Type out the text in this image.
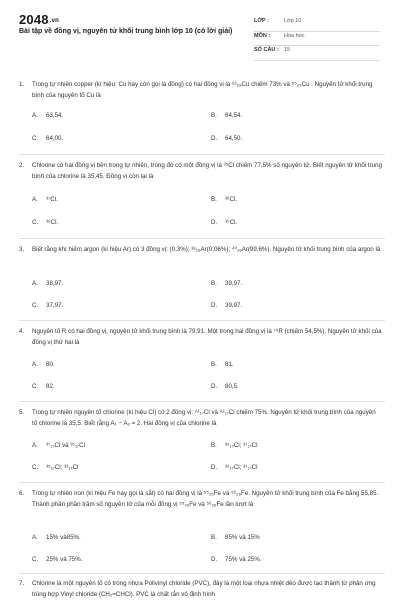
2048.vn
Bài tập về đồng vị, nguyên tử khối trung bình lớp 10 (có lời giải)
LỚP :	Lớp 10
MÔN :	Hóa học
SỐ CÂU : 15
1. Trong tự nhiên copper (kí hiệu: Cu hay còn gọi là đồng) có hai đồng vị là ⁶³₂₉Cu chiếm 73% và ⁶⁵₂₉Cu . Nguyên tử khối trung bình của nguyên tố Cu là
A. 63,54.	B. 64,54.
C. 64,00.	D. 64,50.
2. Chlorine có hai đồng vị bền trong tự nhiên, trong đó có một đồng vị là ³⁵Cl chiếm 77,5% số nguyên tử. Biết nguyên tử khối trung bình của chlorine là 35,45. Đồng vị còn lại là
A. ³⁷Cl.	B. ³⁶Cl.
C. ³⁸Cl.	D. ³⁹Cl.
3. Biết rằng khí hiếm argon (kí hiệu Ar) có 3 đồng vị: (0,3%); ³⁸₁₈Ar(0,06%); ⁴⁰₁₈Ar(99,6%). Nguyên tử khối trung bình của argon là
A. 38,97.	B. 39,97.
C. 37,97.	D. 39,97.
4. Nguyên tố R có hai đồng vị, nguyên tử khối trung bình là 79,91. Một trong hai đồng vị là ⁷⁹R (chiếm 54,5%). Nguyên tử khối của đồng vị thứ hai là
A. 80.	B. 81.
C. 82.	D. 80,5.
5. Trong tự nhiên nguyên tố chlorine (kí hiệu Cl) có 2 đồng vị: ᴬ¹₁₇Cl và ᴬ²₁₇Cl chiếm 75%. Nguyên tử khối trung bình của nguyên tố chlorine là 35,5. Biết rằng A₁ − A₂ = 2. Hai đồng vị của chlorine là
A. ³⁷₁₇Cl và ³⁵₁₇Cl	B. ³⁵₁₇Cl; ³⁷₁₇Cl
C. ³⁵₁₇Cl; ³³₁₇Cl	D. ³⁵₁₇Cl; ³⁷₁₇Cl
6. Trong tự nhiên iron (kí hiệu Fe hay gọi là sắt) có hai đồng vị là ⁵⁵₂₆Fe và ⁵⁶₂₆Fe. Nguyên tử khối trung bình của Fe bằng 55,85. Thành phần phần trăm số nguyên tử của mỗi đồng vị ⁵⁵₂₆Fe và ⁵⁶₂₆Fe lần lượt là
A. 15% và85%.	B. 85% và 15%
C. 25% và 75%.	D. 75% và 25%.
7. Chlorine là một nguyên tố có trong nhựa Polivinyl chloride (PVC), đây là một loại nhựa nhiệt dẻo được tạo thành từ phản ứng trùng hợp Vinyl chloride (CH₂=CHCl). PVC là chất rắn vô định hình
